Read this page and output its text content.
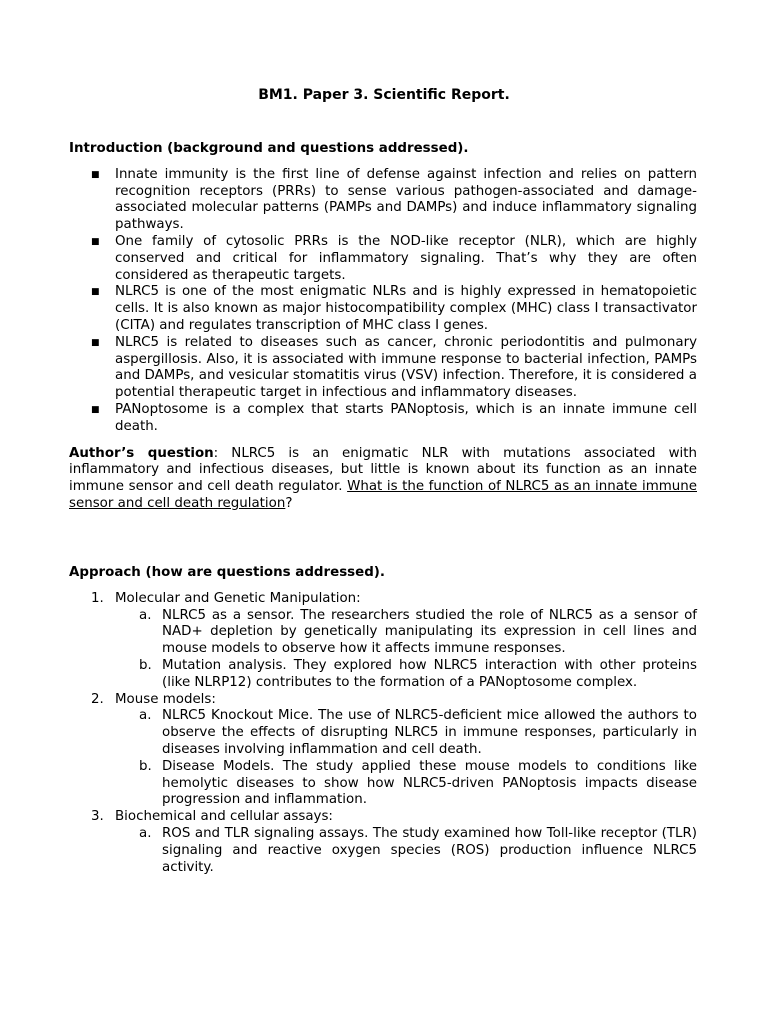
BM1. Paper 3. Scientific Report.
Introduction (background and questions addressed).
■ Innate immunity is the first line of defense against infection and relies on pattern recognition receptors (PRRs) to sense various pathogen-associated and damage-associated molecular patterns (PAMPs and DAMPs) and induce inflammatory signaling pathways.
■ One family of cytosolic PRRs is the NOD-like receptor (NLR), which are highly conserved and critical for inflammatory signaling. That’s why they are often considered as therapeutic targets.
■ NLRC5 is one of the most enigmatic NLRs and is highly expressed in hematopoietic cells. It is also known as major histocompatibility complex (MHC) class I transactivator (CITA) and regulates transcription of MHC class I genes.
■ NLRC5 is related to diseases such as cancer, chronic periodontitis and pulmonary aspergillosis. Also, it is associated with immune response to bacterial infection, PAMPs and DAMPs, and vesicular stomatitis virus (VSV) infection. Therefore, it is considered a potential therapeutic target in infectious and inflammatory diseases.
■ PANoptosome is a complex that starts PANoptosis, which is an innate immune cell death.

Author’s question: NLRC5 is an enigmatic NLR with mutations associated with inflammatory and infectious diseases, but little is known about its function as an innate immune sensor and cell death regulator. What is the function of NLRC5 as an innate immune sensor and cell death regulation?

Approach (how are questions addressed).
1. Molecular and Genetic Manipulation:
a. NLRC5 as a sensor. The researchers studied the role of NLRC5 as a sensor of NAD+ depletion by genetically manipulating its expression in cell lines and mouse models to observe how it affects immune responses.
b. Mutation analysis. They explored how NLRC5 interaction with other proteins (like NLRP12) contributes to the formation of a PANoptosome complex.
2. Mouse models:
a. NLRC5 Knockout Mice. The use of NLRC5-deficient mice allowed the authors to observe the effects of disrupting NLRC5 in immune responses, particularly in diseases involving inflammation and cell death.
b. Disease Models. The study applied these mouse models to conditions like hemolytic diseases to show how NLRC5-driven PANoptosis impacts disease progression and inflammation.
3. Biochemical and cellular assays:
a. ROS and TLR signaling assays. The study examined how Toll-like receptor (TLR) signaling and reactive oxygen species (ROS) production influence NLRC5 activity.
